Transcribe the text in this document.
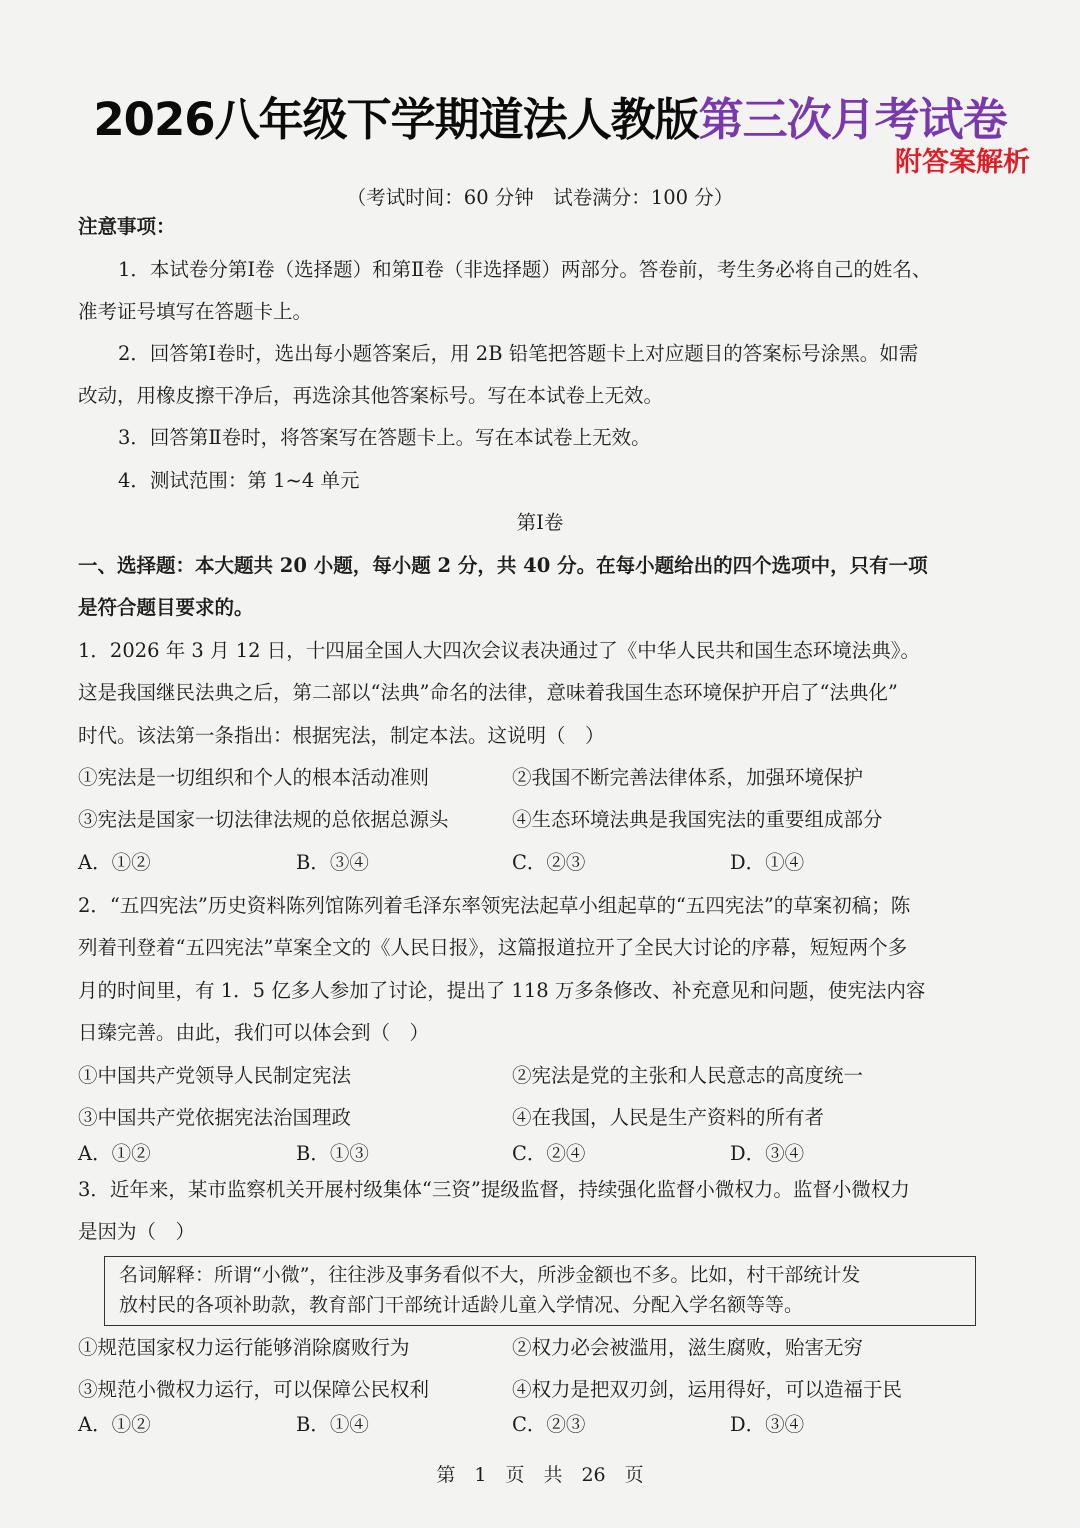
2026八年级下学期道法人教版 第三次月考试卷
附答案解析
（考试时间：60 分钟　试卷满分：100 分）
注意事项：
1．本试卷分第Ⅰ卷（选择题）和第Ⅱ卷（非选择题）两部分。答卷前，考生务必将自己的姓名、
准考证号填写在答题卡上。
2．回答第Ⅰ卷时，选出每小题答案后，用 2B 铅笔把答题卡上对应题目的答案标号涂黑。如需
改动，用橡皮擦干净后，再选涂其他答案标号。写在本试卷上无效。
3．回答第Ⅱ卷时，将答案写在答题卡上。写在本试卷上无效。
4．测试范围：第 1~4 单元
第Ⅰ卷
一、选择题：本大题共 20 小题，每小题 2 分，共 40 分。在每小题给出的四个选项中，只有一项
是符合题目要求的。
1．2026 年 3 月 12 日，十四届全国人大四次会议表决通过了《中华人民共和国生态环境法典》。
这是我国继民法典之后，第二部以“法典”命名的法律，意味着我国生态环境保护开启了“法典化”
时代。该法第一条指出：根据宪法，制定本法。这说明（　）
①宪法是一切组织和个人的根本活动准则	②我国不断完善法律体系，加强环境保护
③宪法是国家一切法律法规的总依据总源头	④生态环境法典是我国宪法的重要组成部分
A．①②	B．③④	C．②③	D．①④
2．“五四宪法”历史资料陈列馆陈列着毛泽东率领宪法起草小组起草的“五四宪法”的草案初稿；陈
列着刊登着“五四宪法”草案全文的《人民日报》，这篇报道拉开了全民大讨论的序幕，短短两个多
月的时间里，有 1．5 亿多人参加了讨论，提出了 118 万多条修改、补充意见和问题，使宪法内容
日臻完善。由此，我们可以体会到（　）
①中国共产党领导人民制定宪法	②宪法是党的主张和人民意志的高度统一
③中国共产党依据宪法治国理政	④在我国，人民是生产资料的所有者
A．①②	B．①③	C．②④	D．③④
3．近年来，某市监察机关开展村级集体“三资”提级监督，持续强化监督小微权力。监督小微权力
是因为（　）
名词解释：所谓“小微”，往往涉及事务看似不大，所涉金额也不多。比如，村干部统计发
放村民的各项补助款，教育部门干部统计适龄儿童入学情况、分配入学名额等等。
①规范国家权力运行能够消除腐败行为	②权力必会被滥用，滋生腐败，贻害无穷
③规范小微权力运行，可以保障公民权利	④权力是把双刃剑，运用得好，可以造福于民
A．①②	B．①④	C．②③	D．③④
第　1　页　共　26　页
